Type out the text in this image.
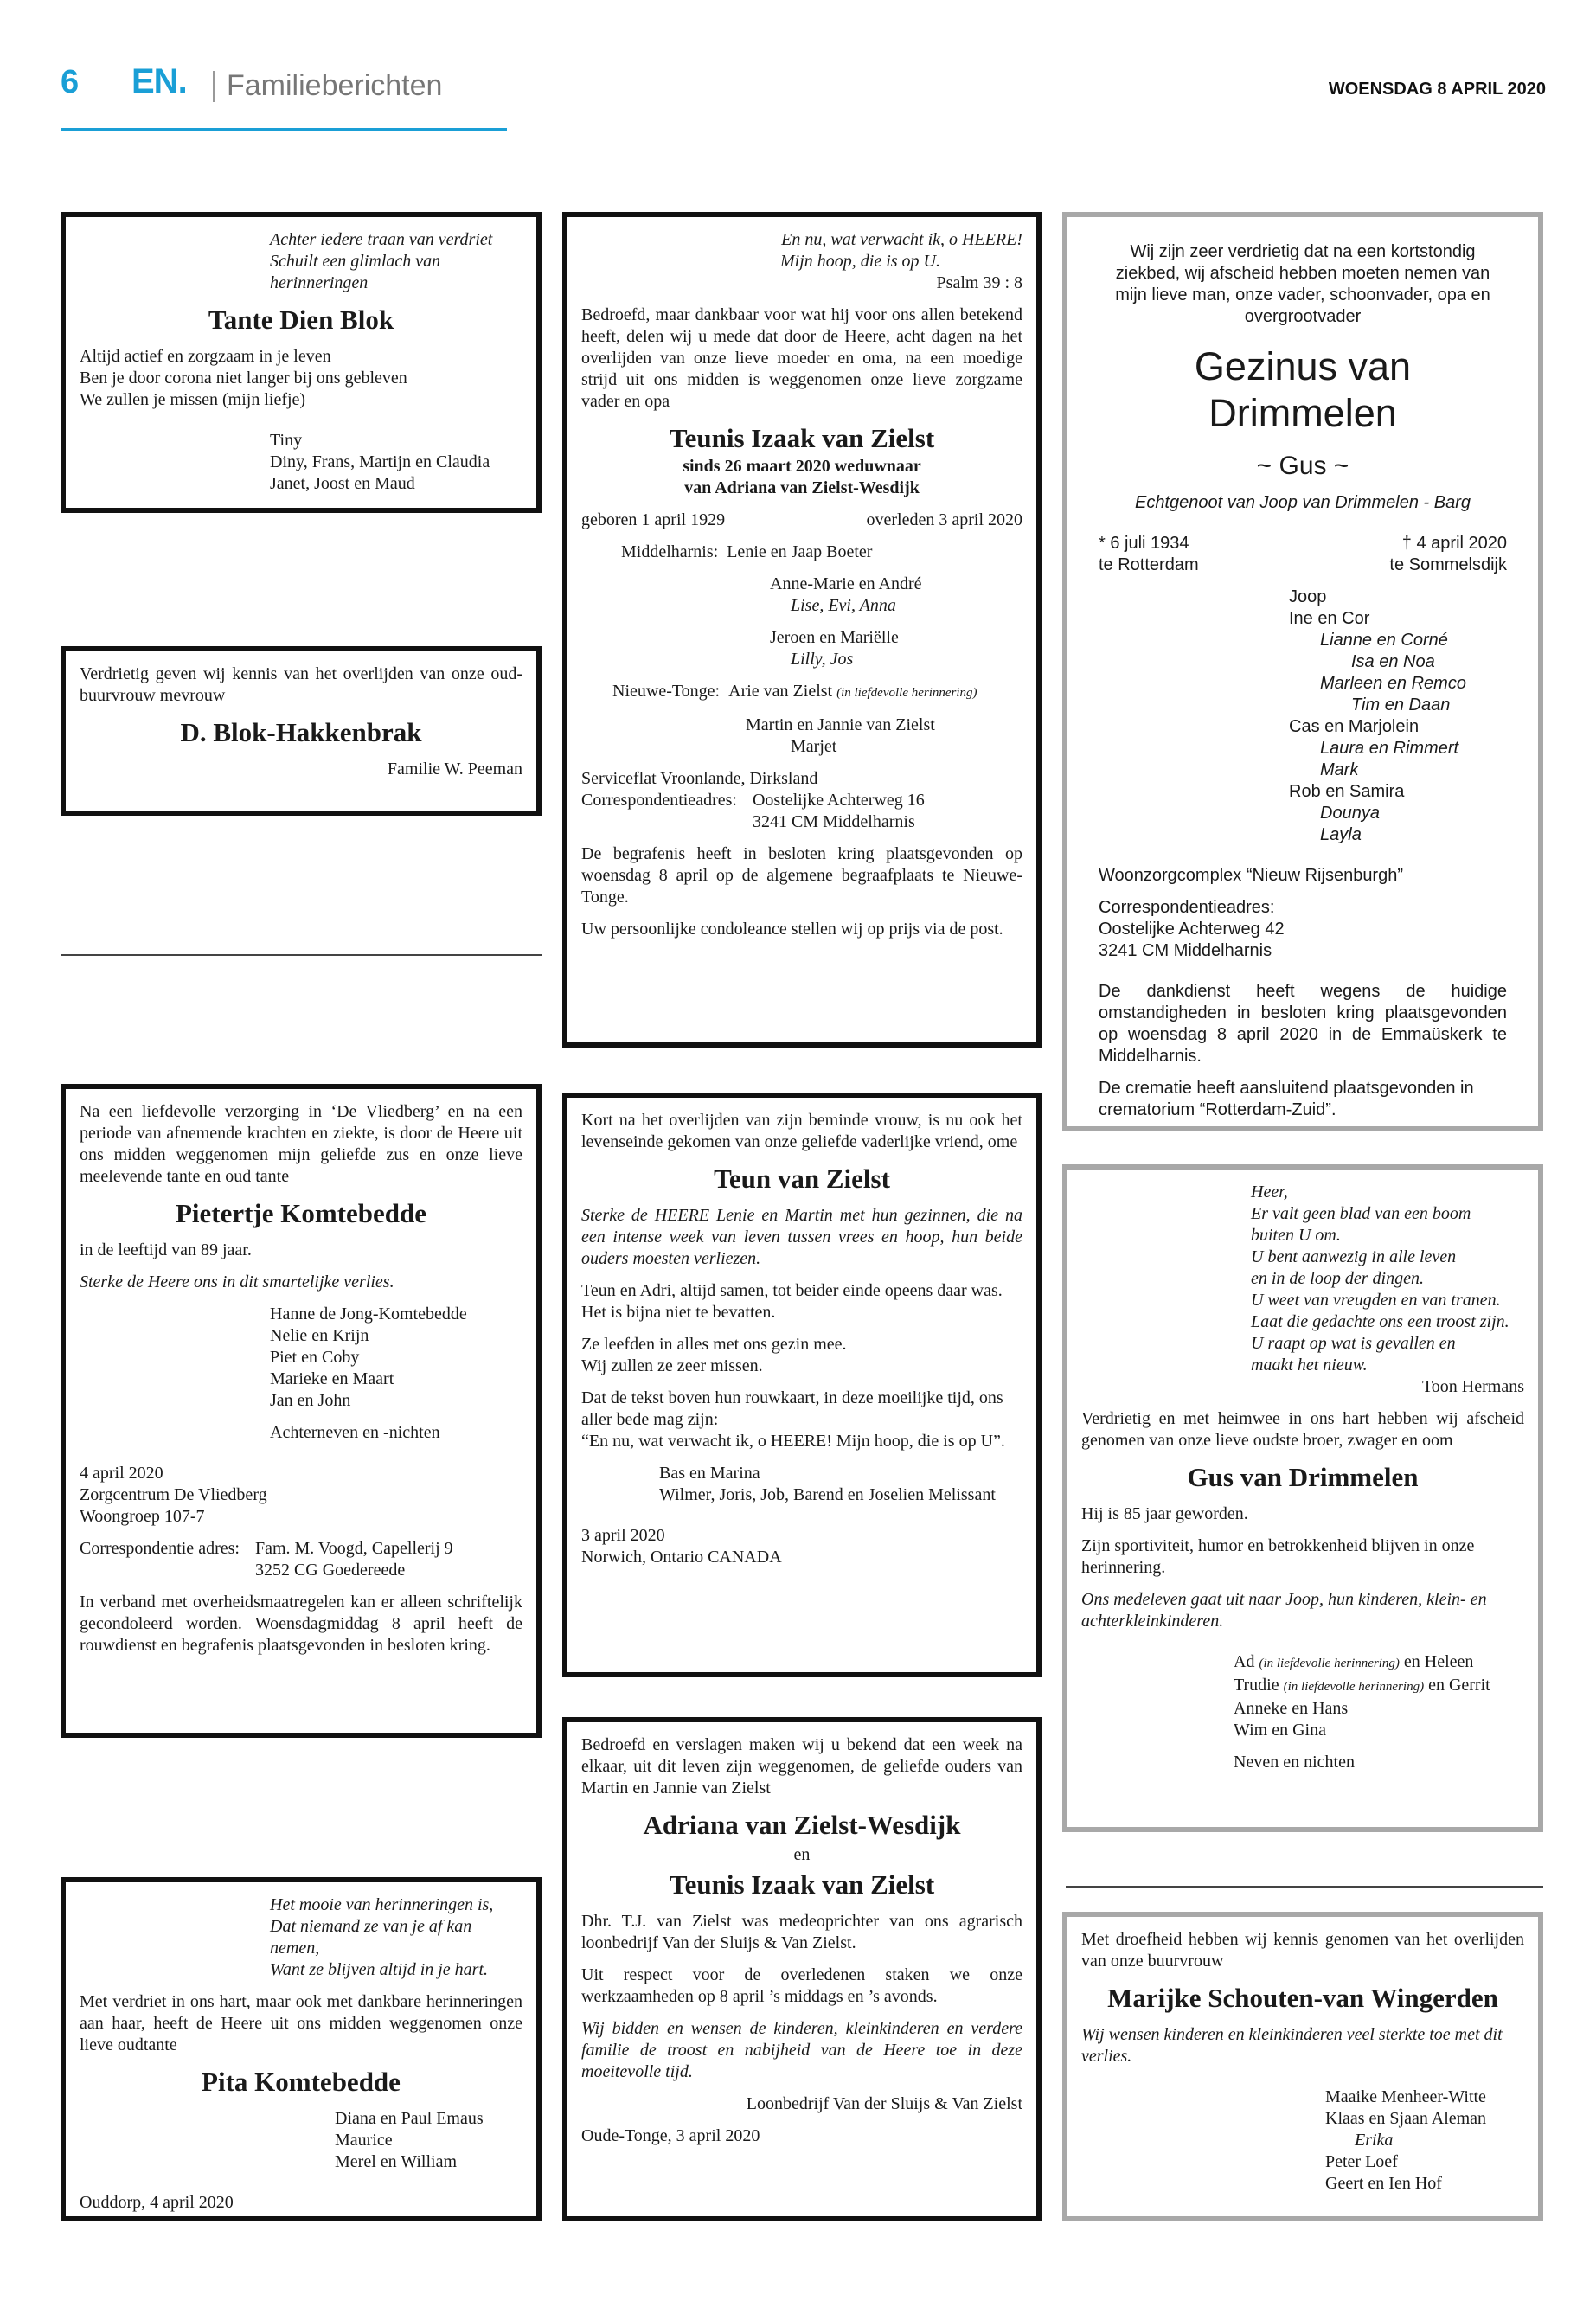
6 EN. Familieberichten	WOENSDAG 8 APRIL 2020

Achter iedere traan van verdriet

Schuilt een glimlach van herinneringen

Tante Dien Blok

Altijd actief en zorgzaam in je leven

Ben je door corona niet langer bij ons gebleven

We zullen je missen (mijn liefje)

Tiny

Diny, Frans, Martijn en Claudia

Janet, Joost en Maud

Verdrietig geven wij kennis van het overlijden van onze oud-buurvrouw mevrouw

D. Blok-Hakkenbrak

Familie W. Peeman

Na een liefdevolle verzorging in ‘De Vliedberg’ en na een periode van afnemende krachten en ziekte, is door de Heere uit ons midden weggenomen mijn geliefde zus en onze lieve meelevende tante en oud tante

Pietertje Komtebedde

in de leeftijd van 89 jaar.

Sterke de Heere ons in dit smartelijke verlies.

Hanne de Jong-Komtebedde

Nelie en Krijn

Piet en Coby

Marieke en Maart

Jan en John

Achterneven en -nichten

4 april 2020

Zorgcentrum De Vliedberg

Woongroep 107-7

Correspondentie adres: Fam. M. Voogd, Capellerij 9
3252 CG Goedereede

In verband met overheidsmaatregelen kan er alleen schriftelijk gecondoleerd worden. Woensdagmiddag 8 april heeft de rouwdienst en begrafenis plaatsgevonden in besloten kring.

Het mooie van herinneringen is,

Dat niemand ze van je af kan nemen,

Want ze blijven altijd in je hart.

Met verdriet in ons hart, maar ook met dankbare herinneringen aan haar, heeft de Heere uit ons midden weggenomen onze lieve oudtante

Pita Komtebedde

Diana en Paul Emaus

Maurice

Merel en William

Ouddorp, 4 april 2020

En nu, wat verwacht ik, o HEERE!

Mijn hoop, die is op U.

Psalm 39 : 8

Bedroefd, maar dankbaar voor wat hij voor ons allen betekend heeft, delen wij u mede dat door de Heere, acht dagen na het overlijden van onze lieve moeder en oma, na een moedige strijd uit ons midden is weggenomen onze lieve zorgzame vader en opa

Teunis Izaak van Zielst

sinds 26 maart 2020 weduwnaar

van Adriana van Zielst-Wesdijk

geboren 1 april 1929	overleden 3 april 2020

Middelharnis: Lenie en Jaap Boeter

Anne-Marie en André

Lise, Evi, Anna

Jeroen en Mariëlle

Lilly, Jos

Nieuwe-Tonge: Arie van Zielst (in liefdevolle herinnering)

Martin en Jannie van Zielst

Marjet

Serviceflat Vroonlande, Dirksland

Correspondentieadres: Oostelijke Achterweg 16
3241 CM Middelharnis

De begrafenis heeft in besloten kring plaatsgevonden op woensdag 8 april op de algemene begraafplaats te Nieuwe-Tonge.

Uw persoonlijke condoleance stellen wij op prijs via de post.

Kort na het overlijden van zijn beminde vrouw, is nu ook het levenseinde gekomen van onze geliefde vaderlijke vriend, ome

Teun van Zielst

Sterke de HEERE Lenie en Martin met hun gezinnen, die na een intense week van leven tussen vrees en hoop, hun beide ouders moesten verliezen.

Teun en Adri, altijd samen, tot beider einde opeens daar was. Het is bijna niet te bevatten.

Ze leefden in alles met ons gezin mee.

Wij zullen ze zeer missen.

Dat de tekst boven hun rouwkaart, in deze moeilijke tijd, ons aller bede mag zijn:

“En nu, wat verwacht ik, o HEERE! Mijn hoop, die is op U”.

Bas en Marina

Wilmer, Joris, Job, Barend en Joselien Melissant

3 april 2020

Norwich, Ontario CANADA

Bedroefd en verslagen maken wij u bekend dat een week na elkaar, uit dit leven zijn weggenomen, de geliefde ouders van Martin en Jannie van Zielst

Adriana van Zielst-Wesdijk

en

Teunis Izaak van Zielst

Dhr. T.J. van Zielst was medeoprichter van ons agrarisch loonbedrijf Van der Sluijs & Van Zielst.

Uit respect voor de overledenen staken we onze werkzaamheden op 8 april ’s middags en ’s avonds.

Wij bidden en wensen de kinderen, kleinkinderen en verdere familie de troost en nabijheid van de Heere toe in deze moeitevolle tijd.

Loonbedrijf Van der Sluijs & Van Zielst

Oude-Tonge, 3 april 2020

Wij zijn zeer verdrietig dat na een kortstondig ziekbed, wij afscheid hebben moeten nemen van mijn lieve man, onze vader, schoonvader, opa en overgrootvader

Gezinus van Drimmelen

~ Gus ~

Echtgenoot van Joop van Drimmelen - Barg

* 6 juli 1934	† 4 april 2020
te Rotterdam	te Sommelsdijk

Joop

Ine en Cor

Lianne en Corné

Isa en Noa

Marleen en Remco

Tim en Daan

Cas en Marjolein

Laura en Rimmert

Mark

Rob en Samira

Dounya

Layla

Woonzorgcomplex “Nieuw Rijsenburgh”

Correspondentieadres:

Oostelijke Achterweg 42

3241 CM Middelharnis

De dankdienst heeft wegens de huidige omstandigheden in besloten kring plaatsgevonden op woensdag 8 april 2020 in de Emmaüskerk te Middelharnis.

De crematie heeft aansluitend plaatsgevonden in crematorium “Rotterdam-Zuid”.

Heer,

Er valt geen blad van een boom

buiten U om.

U bent aanwezig in alle leven

en in de loop der dingen.

U weet van vreugden en van tranen.

Laat die gedachte ons een troost zijn.

U raapt op wat is gevallen en

maakt het nieuw.

Toon Hermans

Verdrietig en met heimwee in ons hart hebben wij afscheid genomen van onze lieve oudste broer, zwager en oom

Gus van Drimmelen

Hij is 85 jaar geworden.

Zijn sportiviteit, humor en betrokkenheid blijven in onze herinnering.

Ons medeleven gaat uit naar Joop, hun kinderen, klein- en achterkleinkinderen.

Ad (in liefdevolle herinnering) en Heleen

Trudie (in liefdevolle herinnering) en Gerrit

Anneke en Hans

Wim en Gina

Neven en nichten

Met droefheid hebben wij kennis genomen van het overlijden van onze buurvrouw

Marijke Schouten-van Wingerden

Wij wensen kinderen en kleinkinderen veel sterkte toe met dit verlies.

Maaike Menheer-Witte

Klaas en Sjaan Aleman

Erika

Peter Loef

Geert en Ien Hof
